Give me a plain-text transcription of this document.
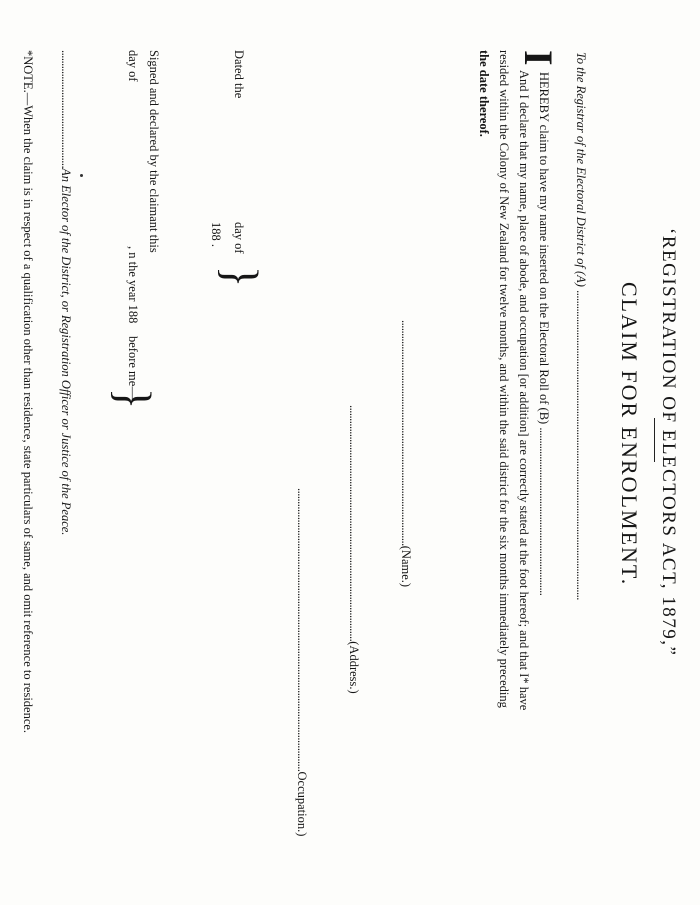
‘REGISTRATION OF ELECTORS ACT, 1879,”
CLAIM FOR ENROLMENT.
To the Registrar of the Electoral District of (A) ......................................................................................................................
I
HEREBY claim to have my name inserted on the Electoral Roll of (B) ................................................................
And I declare that my name, place of abode, and occupation [or addition] are correctly stated at the foot hereof; and that I* have
resided within the Colony of New Zealand for twelve months, and within the said district for the six months immediately preceding
the date thereof.
......................................................................................(Name.)
..........................................................................................(Address.)
............................................................................................................Occupation.)
Dated the
day of
188 .
}
Signed and declared by the claimant this
day of
, n the year 188
before me—
}
.............................................An Elector of the District, or Registration Officer or Justice of the Peace.
*NOTE.—When the claim is in respect of a qualification other than residence, state particulars of same, and omit reference to residence.
